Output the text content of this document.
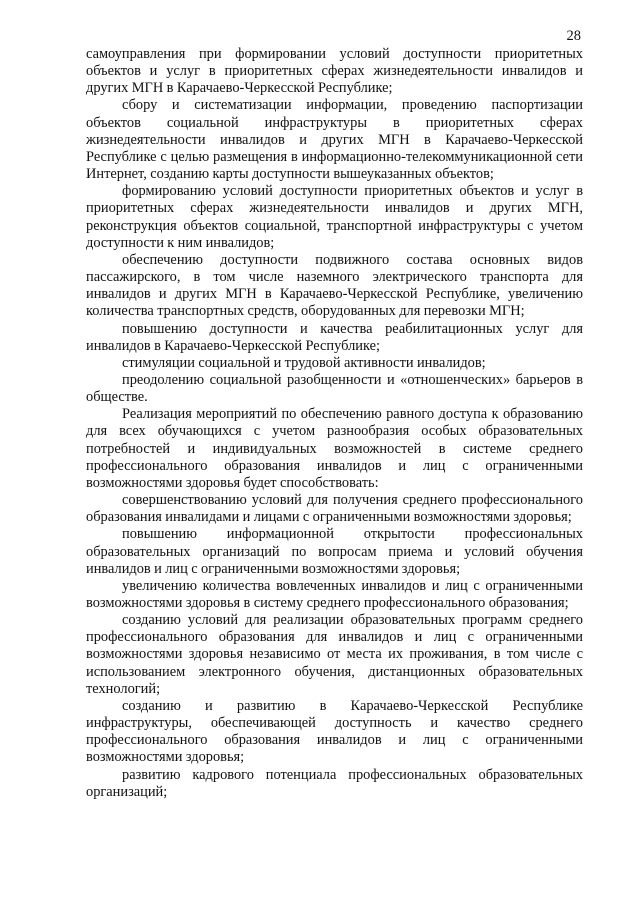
28

самоуправления при формировании условий доступности приоритетных объектов и услуг в приоритетных сферах жизнедеятельности инвалидов и других МГН в Карачаево-Черкесской Республике;

сбору и систематизации информации, проведению паспортизации объектов социальной инфраструктуры в приоритетных сферах жизнедеятельности инвалидов и других МГН в Карачаево-Черкесской Республике с целью размещения в информационно-телекоммуникационной сети Интернет, созданию карты доступности вышеуказанных объектов;

формированию условий доступности приоритетных объектов и услуг в приоритетных сферах жизнедеятельности инвалидов и других МГН, реконструкция объектов социальной, транспортной инфраструктуры с учетом доступности к ним инвалидов;

обеспечению доступности подвижного состава основных видов пассажирского, в том числе наземного электрического транспорта для инвалидов и других МГН в Карачаево-Черкесской Республике, увеличению количества транспортных средств, оборудованных для перевозки МГН;

повышению доступности и качества реабилитационных услуг для инвалидов в Карачаево-Черкесской Республике;

стимуляции социальной и трудовой активности инвалидов;

преодолению социальной разобщенности и «отношенческих» барьеров в обществе.

Реализация мероприятий по обеспечению равного доступа к образованию для всех обучающихся с учетом разнообразия особых образовательных потребностей и индивидуальных возможностей в системе среднего профессионального образования инвалидов и лиц с ограниченными возможностями здоровья будет способствовать:

совершенствованию условий для получения среднего профессионального образования инвалидами и лицами с ограниченными возможностями здоровья;

повышению информационной открытости профессиональных образовательных организаций по вопросам приема и условий обучения инвалидов и лиц с ограниченными возможностями здоровья;

увеличению количества вовлеченных инвалидов и лиц с ограниченными возможностями здоровья в систему среднего профессионального образования;

созданию условий для реализации образовательных программ среднего профессионального образования для инвалидов и лиц с ограниченными возможностями здоровья независимо от места их проживания, в том числе с использованием электронного обучения, дистанционных образовательных технологий;

созданию и развитию в Карачаево-Черкесской Республике инфраструктуры, обеспечивающей доступность и качество среднего профессионального образования инвалидов и лиц с ограниченными возможностями здоровья;

развитию кадрового потенциала профессиональных образовательных организаций;
